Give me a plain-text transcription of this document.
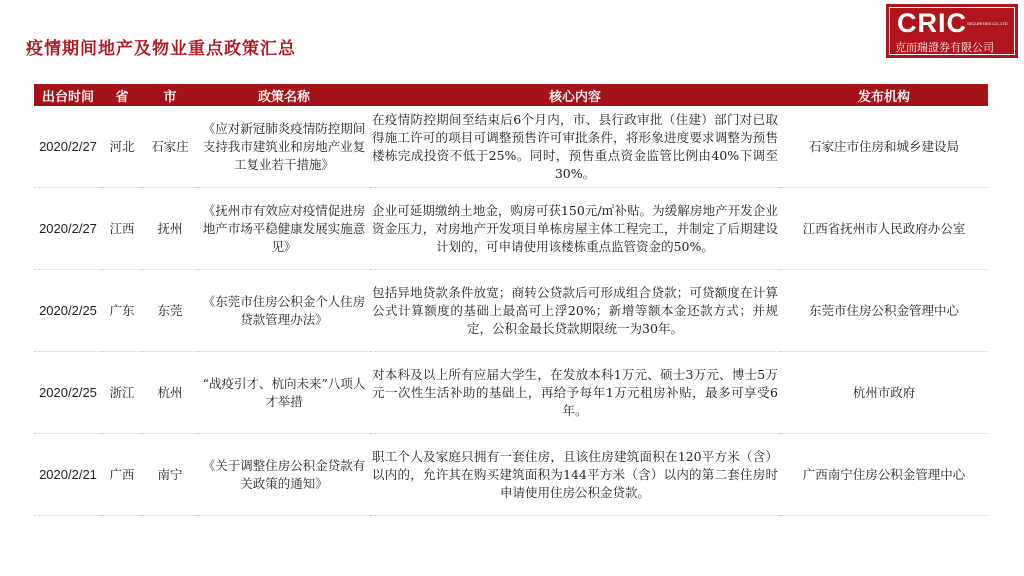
疫情期间地产及物业重点政策汇总
CRIC SECURITIES CO.,LTD
克而瑞證券有限公司
出台时间	省	市	政策名称	核心内容	发布机构
2020/2/27	河北	石家庄	《应对新冠肺炎疫情防控期间支持我市建筑业和房地产业复工复业若干措施》	在疫情防控期间至结束后6个月内，市、县行政审批（住建）部门对已取得施工许可的项目可调整预售许可审批条件，将形象进度要求调整为预售楼栋完成投资不低于25%。同时，预售重点资金监管比例由40%下调至30%。	石家庄市住房和城乡建设局
2020/2/27	江西	抚州	《抚州市有效应对疫情促进房地产市场平稳健康发展实施意见》	企业可延期缴纳土地金，购房可获150元/㎡补贴。为缓解房地产开发企业资金压力，对房地产开发项目单栋房屋主体工程完工，并制定了后期建设计划的，可申请使用该楼栋重点监管资金的50%。	江西省抚州市人民政府办公室
2020/2/25	广东	东莞	《东莞市住房公积金个人住房贷款管理办法》	包括异地贷款条件放宽；商转公贷款后可形成组合贷款；可贷额度在计算公式计算额度的基础上最高可上浮20%；新增等额本金还款方式；并规定，公积金最长贷款期限统一为30年。	东莞市住房公积金管理中心
2020/2/25	浙江	杭州	“战疫引才、杭向未来”八项人才举措	对本科及以上所有应届大学生，在发放本科1万元、硕士3万元、博士5万元一次性生活补助的基础上，再给予每年1万元租房补贴，最多可享受6年。	杭州市政府
2020/2/21	广西	南宁	《关于调整住房公积金贷款有关政策的通知》	职工个人及家庭只拥有一套住房，且该住房建筑面积在120平方米（含）以内的，允许其在购买建筑面积为144平方米（含）以内的第二套住房时申请使用住房公积金贷款。	广西南宁住房公积金管理中心
